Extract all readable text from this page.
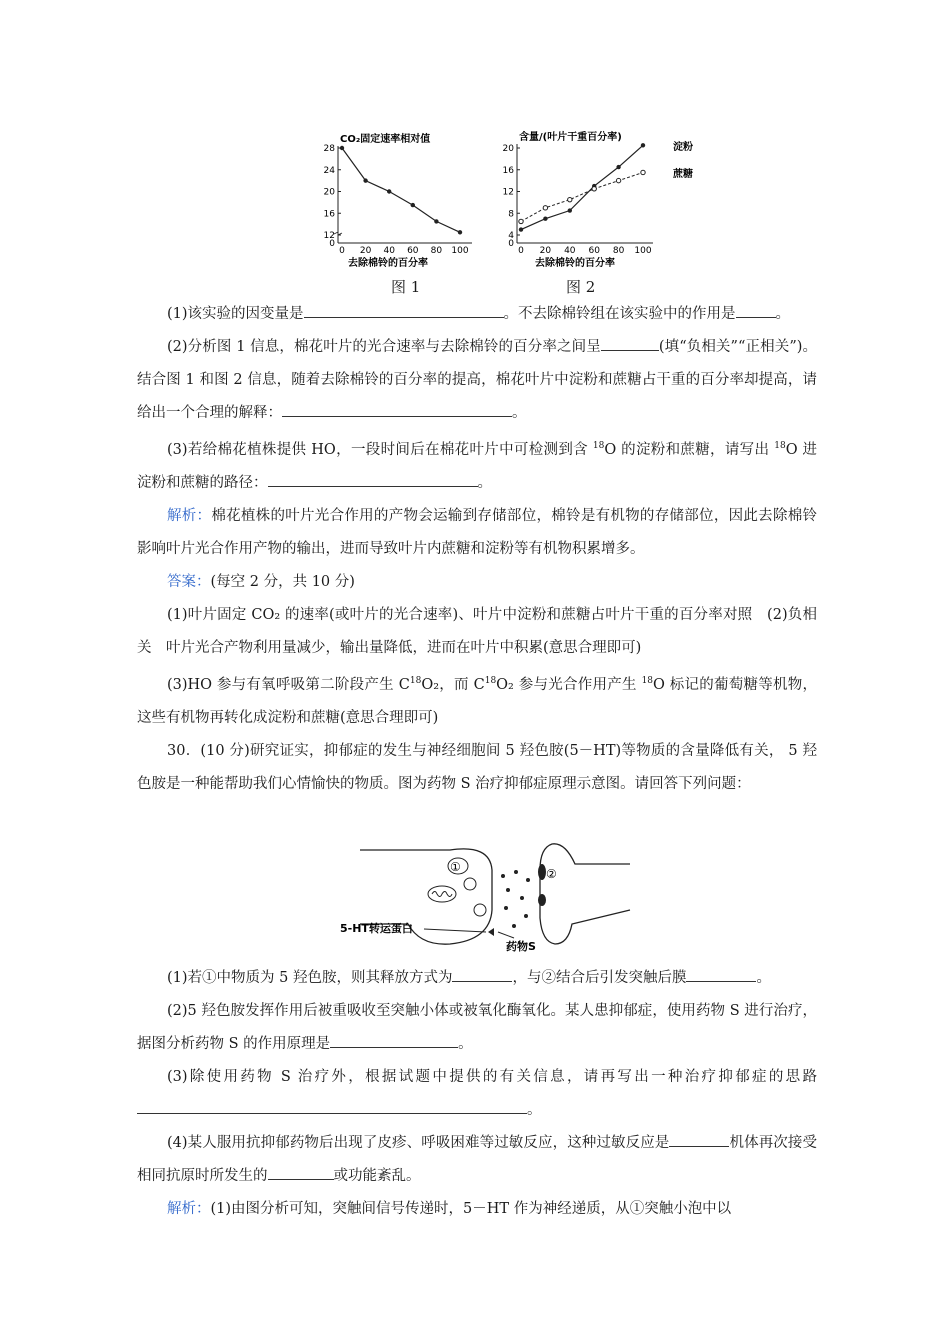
CO₂固定速率相对值
0
12
16
20
24
28
0 20 40 60 80 100
去除棉铃的百分率
图 1
含量/(叶片干重百分率)
0
4
8
12
16
20
0 20 40 60 80 100
淀粉
蔗糖
去除棉铃的百分率
图 2

(1)该实验的因变量是	。不去除棉铃组在该实验中的作用是	。

(2)分析图 1 信息，棉花叶片的光合速率与去除棉铃的百分率之间呈	(填“负相关”“正相关”)。结合图 1 和图 2 信息，随着去除棉铃的百分率的提高，棉花叶片中淀粉和蔗糖占干重的百分率却提高，请给出一个合理的解释：	。

(3)若给棉花植株提供 HO，一段时间后在棉花叶片中可检测到含 $^{18}$O 的淀粉和蔗糖，请写出 $^{18}$O 进淀粉和蔗糖的路径：	。

解析：棉花植株的叶片光合作用的产物会运输到存储部位，棉铃是有机物的存储部位，因此去除棉铃影响叶片光合作用产物的输出，进而导致叶片内蔗糖和淀粉等有机物积累增多。

答案：(每空 2 分，共 10 分)

(1)叶片固定 CO₂ 的速率(或叶片的光合速率)、叶片中淀粉和蔗糖占叶片干重的百分率对照　(2)负相关　叶片光合产物利用量减少，输出量降低，进而在叶片中积累(意思合理即可)

(3)HO 参与有氧呼吸第二阶段产生 $C^{18}O_2$，而 $C^{18}O_2$ 参与光合作用产生 $^{18}$O 标记的葡萄糖等机物，这些有机物再转化成淀粉和蔗糖(意思合理即可)

30．(10 分)研究证实，抑郁症的发生与神经细胞间 5 羟色胺(5－HT)等物质的含量降低有关， 5 羟色胺是一种能帮助我们心情愉快的物质。图为药物 S 治疗抑郁症原理示意图。请回答下列问题：

①	②
5-HT转运蛋白
药物S

(1)若①中物质为 5 羟色胺，则其释放方式为	，与②结合后引发突触后膜	。

(2)5 羟色胺发挥作用后被重吸收至突触小体或被氧化酶氧化。某人患抑郁症，使用药物 S 进行治疗，据图分析药物 S 的作用原理是	。

(3)除使用药物 S 治疗外，根据试题中提供的有关信息，请再写出一种治疗抑郁症的思路。

(4)某人服用抗抑郁药物后出现了皮疹、呼吸困难等过敏反应，这种过敏反应是	机体再次接受相同抗原时所发生的	或功能紊乱。

解析：(1)由图分析可知，突触间信号传递时，5－HT 作为神经递质，从①突触小泡中以
